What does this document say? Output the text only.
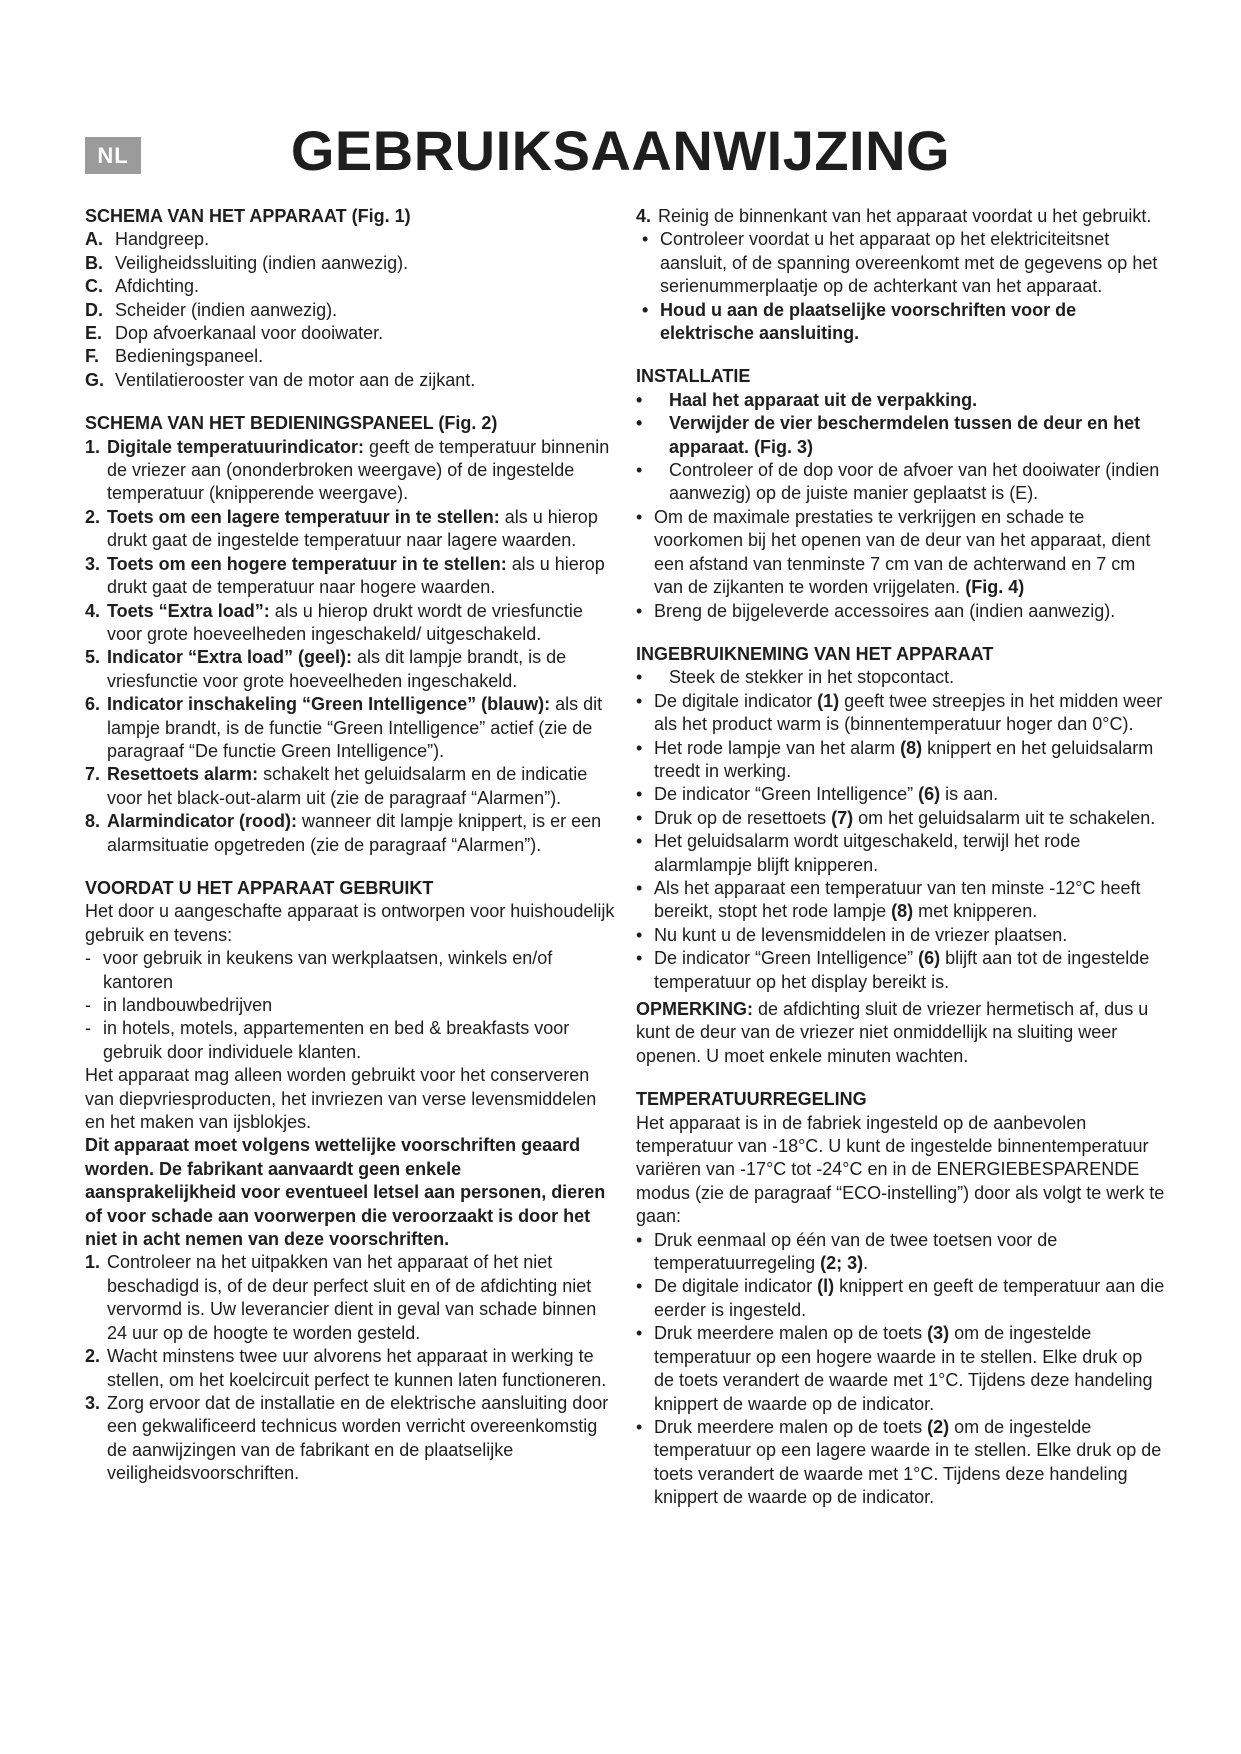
NL	GEBRUIKSAANWIJZING
SCHEMA VAN HET APPARAAT (Fig. 1)
A. Handgreep.
B. Veiligheidssluiting (indien aanwezig).
C. Afdichting.
D. Scheider (indien aanwezig).
E. Dop afvoerkanaal voor dooiwater.
F. Bedieningspaneel.
G. Ventilatierooster van de motor aan de zijkant.
SCHEMA VAN HET BEDIENINGSPANEEL (Fig. 2)
1. Digitale temperatuurindicator: geeft de temperatuur binnenin de vriezer aan (ononderbroken weergave) of de ingestelde temperatuur (knipperende weergave).
2. Toets om een lagere temperatuur in te stellen: als u hierop drukt gaat de ingestelde temperatuur naar lagere waarden.
3. Toets om een hogere temperatuur in te stellen: als u hierop drukt gaat de temperatuur naar hogere waarden.
4. Toets “Extra load”: als u hierop drukt wordt de vriesfunctie voor grote hoeveelheden ingeschakeld/ uitgeschakeld.
5. Indicator “Extra load” (geel): als dit lampje brandt, is de vriesfunctie voor grote hoeveelheden ingeschakeld.
6. Indicator inschakeling “Green Intelligence” (blauw): als dit lampje brandt, is de functie “Green Intelligence” actief (zie de paragraaf “De functie Green Intelligence”).
7. Resettoets alarm: schakelt het geluidsalarm en de indicatie voor het black-out-alarm uit (zie de paragraaf “Alarmen”).
8. Alarmindicator (rood): wanneer dit lampje knippert, is er een alarmsituatie opgetreden (zie de paragraaf “Alarmen”).
VOORDAT U HET APPARAAT GEBRUIKT
Het door u aangeschafte apparaat is ontworpen voor huishoudelijk gebruik en tevens:
- voor gebruik in keukens van werkplaatsen, winkels en/of kantoren
- in landbouwbedrijven
- in hotels, motels, appartementen en bed & breakfasts voor gebruik door individuele klanten.
Het apparaat mag alleen worden gebruikt voor het conserveren van diepvriesproducten, het invriezen van verse levensmiddelen en het maken van ijsblokjes.
Dit apparaat moet volgens wettelijke voorschriften geaard worden. De fabrikant aanvaardt geen enkele aansprakelijkheid voor eventueel letsel aan personen, dieren of voor schade aan voorwerpen die veroorzaakt is door het niet in acht nemen van deze voorschriften.
1. Controleer na het uitpakken van het apparaat of het niet beschadigd is, of de deur perfect sluit en of de afdichting niet vervormd is. Uw leverancier dient in geval van schade binnen 24 uur op de hoogte te worden gesteld.
2. Wacht minstens twee uur alvorens het apparaat in werking te stellen, om het koelcircuit perfect te kunnen laten functioneren.
3. Zorg ervoor dat de installatie en de elektrische aansluiting door een gekwalificeerd technicus worden verricht overeenkomstig de aanwijzingen van de fabrikant en de plaatselijke veiligheidsvoorschriften.
4. Reinig de binnenkant van het apparaat voordat u het gebruikt.
• Controleer voordat u het apparaat op het elektriciteitsnet aansluit, of de spanning overeenkomt met de gegevens op het serienummerplaatje op de achterkant van het apparaat.
• Houd u aan de plaatselijke voorschriften voor de elektrische aansluiting.
INSTALLATIE
•	Haal het apparaat uit de verpakking.
•	Verwijder de vier beschermdelen tussen de deur en het apparaat. (Fig. 3)
•	Controleer of de dop voor de afvoer van het dooiwater (indien aanwezig) op de juiste manier geplaatst is (E).
• Om de maximale prestaties te verkrijgen en schade te voorkomen bij het openen van de deur van het apparaat, dient een afstand van tenminste 7 cm van de achterwand en 7 cm van de zijkanten te worden vrijgelaten. (Fig. 4)
• Breng de bijgeleverde accessoires aan (indien aanwezig).
INGEBRUIKNEMING VAN HET APPARAAT
•	Steek de stekker in het stopcontact.
• De digitale indicator (1) geeft twee streepjes in het midden weer als het product warm is (binnentemperatuur hoger dan 0°C).
• Het rode lampje van het alarm (8) knippert en het geluidsalarm treedt in werking.
• De indicator “Green Intelligence” (6) is aan.
• Druk op de resettoets (7) om het geluidsalarm uit te schakelen.
• Het geluidsalarm wordt uitgeschakeld, terwijl het rode alarmlampje blijft knipperen.
• Als het apparaat een temperatuur van ten minste -12°C heeft bereikt, stopt het rode lampje (8) met knipperen.
• Nu kunt u de levensmiddelen in de vriezer plaatsen.
• De indicator “Green Intelligence” (6) blijft aan tot de ingestelde temperatuur op het display bereikt is.
OPMERKING: de afdichting sluit de vriezer hermetisch af, dus u kunt de deur van de vriezer niet onmiddellijk na sluiting weer openen. U moet enkele minuten wachten.
TEMPERATUURREGELING
Het apparaat is in de fabriek ingesteld op de aanbevolen temperatuur van -18°C. U kunt de ingestelde binnentemperatuur variëren van -17°C tot -24°C en in de ENERGIEBESPARENDE modus (zie de paragraaf “ECO-instelling”) door als volgt te werk te gaan:
• Druk eenmaal op één van de twee toetsen voor de temperatuurregeling (2; 3).
• De digitale indicator (l) knippert en geeft de temperatuur aan die eerder is ingesteld.
• Druk meerdere malen op de toets (3) om de ingestelde temperatuur op een hogere waarde in te stellen. Elke druk op de toets verandert de waarde met 1°C. Tijdens deze handeling knippert de waarde op de indicator.
• Druk meerdere malen op de toets (2) om de ingestelde temperatuur op een lagere waarde in te stellen. Elke druk op de toets verandert de waarde met 1°C. Tijdens deze handeling knippert de waarde op de indicator.
